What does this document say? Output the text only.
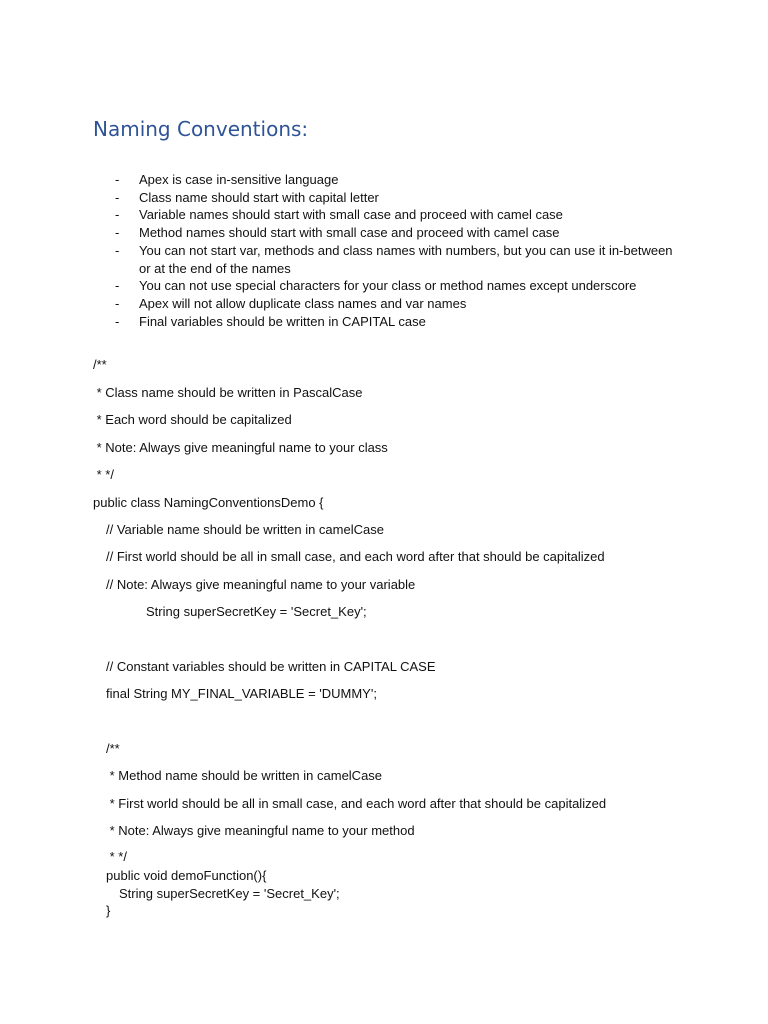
Naming Conventions:
- Apex is case in-sensitive language
- Class name should start with capital letter
- Variable names should start with small case and proceed with camel case
- Method names should start with small case and proceed with camel case
- You can not start var, methods and class names with numbers, but you can use it in-between or at the end of the names
- You can not use special characters for your class or method names except underscore
- Apex will not allow duplicate class names and var names
- Final variables should be written in CAPITAL case
/**
* Class name should be written in PascalCase
* Each word should be capitalized
* Note: Always give meaningful name to your class
* */
public class NamingConventionsDemo {
// Variable name should be written in camelCase
// First world should be all in small case, and each word after that should be capitalized
// Note: Always give meaningful name to your variable
String superSecretKey = 'Secret_Key';
// Constant variables should be written in CAPITAL CASE
final String MY_FINAL_VARIABLE = 'DUMMY';
/**
* Method name should be written in camelCase
* First world should be all in small case, and each word after that should be capitalized
* Note: Always give meaningful name to your method
* */
public void demoFunction(){
String superSecretKey = 'Secret_Key';
}
